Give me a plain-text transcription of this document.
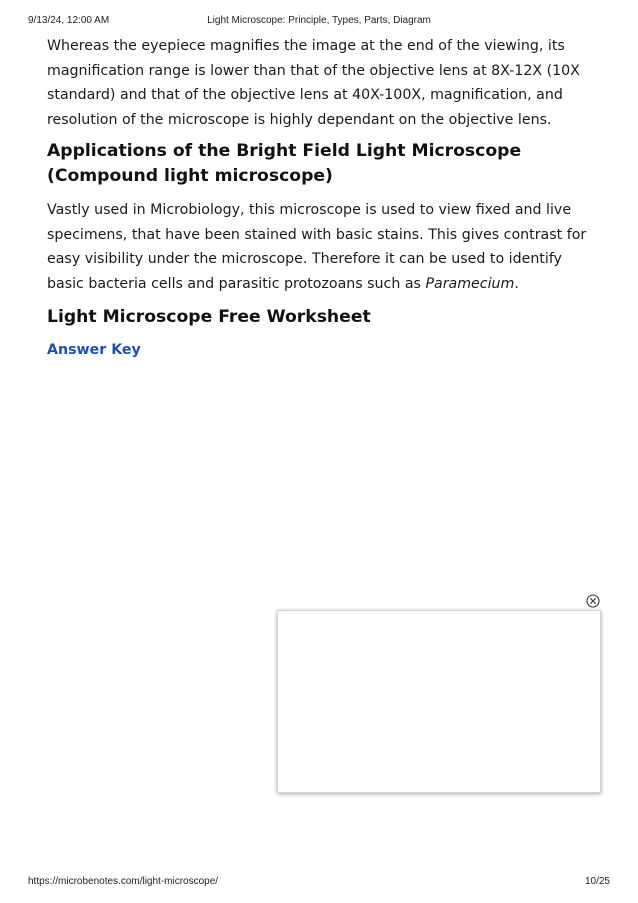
9/13/24, 12:00 AM	Light Microscope: Principle, Types, Parts, Diagram

Whereas the eyepiece magnifies the image at the end of the viewing, its magnification range is lower than that of the objective lens at 8X-12X (10X standard) and that of the objective lens at 40X-100X, magnification, and resolution of the microscope is highly dependant on the objective lens.

Applications of the Bright Field Light Microscope (Compound light microscope)

Vastly used in Microbiology, this microscope is used to view fixed and live specimens, that have been stained with basic stains. This gives contrast for easy visibility under the microscope. Therefore it can be used to identify basic bacteria cells and parasitic protozoans such as Paramecium.

Light Microscope Free Worksheet
Answer Key
https://microbenotes.com/light-microscope/	10/25
